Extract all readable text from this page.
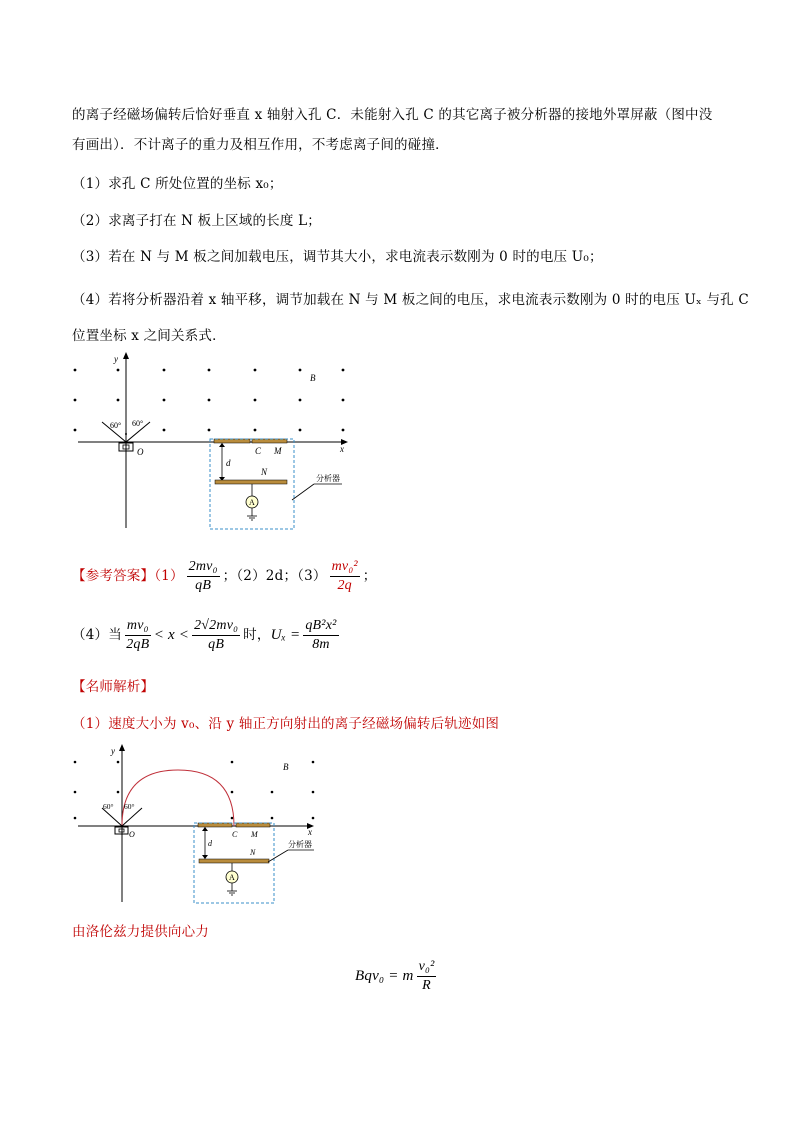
的离子经磁场偏转后恰好垂直 x 轴射入孔 C．未能射入孔 C 的其它离子被分析器的接地外罩屏蔽（图中没
有画出）．不计离子的重力及相互作用，不考虑离子间的碰撞．
（1）求孔 C 所处位置的坐标 x₀；
（2）求离子打在 N 板上区域的长度 L；
（3）若在 N 与 M 板之间加载电压，调节其大小，求电流表示数刚为 0 时的电压 U₀；
（4）若将分析器沿着 x 轴平移，调节加载在 N 与 M 板之间的电压，求电流表示数刚为 0 时的电压 Uₓ 与孔 C
位置坐标 x 之间关系式．
B
y
x
60° 60°
O	C M
d
N
A
分析器
【参考答案】$(1) \frac{\text{2mv₀}}{qB}$ ；（2）2d；$(3) \frac{\text{mv₀²}}{2q}$ ；
（4）当 $\frac{\text{mv₀}}{2qB} < x < \frac{\text{2√2mv₀}}{qB}$ 时，$U_x = \frac{\text{qB²x²}}{8m}$
【名师解析】
（1）速度大小为 v₀、沿 y 轴正方向射出的离子经磁场偏转后轨迹如图
B
y
x
60° 60°
O	C M
d
N
A
分析器
由洛伦兹力提供向心力
Bqv₀ = m $\frac{\text{v₀²}}{R}$
